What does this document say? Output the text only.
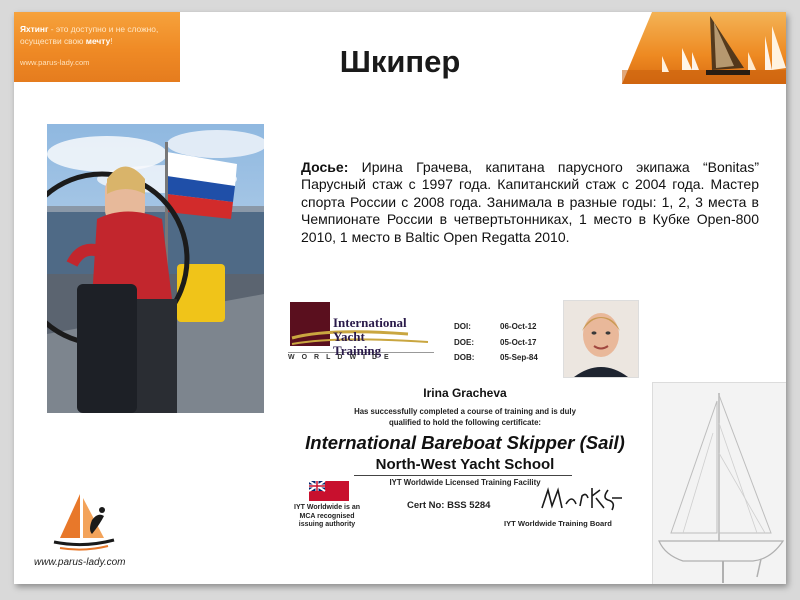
Яхтинг - это доступно и не сложно,
осуществи свою мечту!
www.parus-lady.com	Шкипер
Досье: Ирина Грачева, капитана парусного экипажа “Bonitas” Парусный стаж с 1997 года. Капитанский стаж с 2004 года. Мастер спорта России с 2008 года. Занимала в разные годы: 1, 2, 3 места в Чемпионате России в четвертьтонниках, 1 место в Кубке Open-800 2010, 1 место в Baltic Open Regatta 2010.
International
Yacht
Training
WORLDWIDE
DOI:	06-Oct-12
DOE:	05-Oct-17
DOB:	05-Sep-84
Irina Gracheva
Has successfully completed a course of training and is duly
qualified to hold the following certificate:
International Bareboat Skipper (Sail)
North-West Yacht School
IYT Worldwide Licensed Training Facility
IYT Worldwide is an
MCA recognised
issuing authority
Cert No: BSS 5284
IYT Worldwide Training Board
www.parus-lady.com
